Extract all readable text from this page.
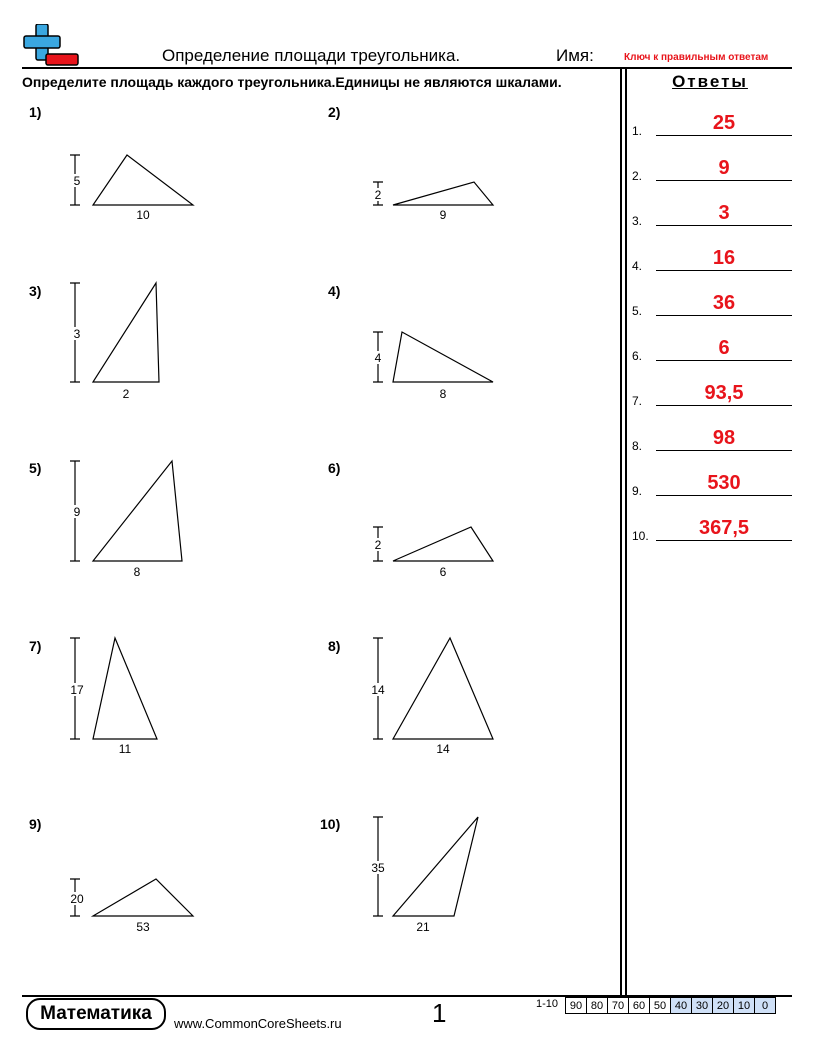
Определение площади треугольника.	Имя:	Ключ к правильным ответам
Определите площадь каждого треугольника.Единицы не являются шкалами.	Ответы
1.	25
2.	9
3.	3
4.	16
5.	36
6.	6
7.	93,5
8.	98
9.	530
10.	367,5
1)	2)
3)	4)
5)	6)
7)	8)
9)	10)
5
10
2
9
3
2
4
8
9
8
2
6
17
11
14
14
20
53
35
21
Математика	www.CommonCoreSheets.ru	1	1-10 90	80	70	60	50	40	30	20	10	0
